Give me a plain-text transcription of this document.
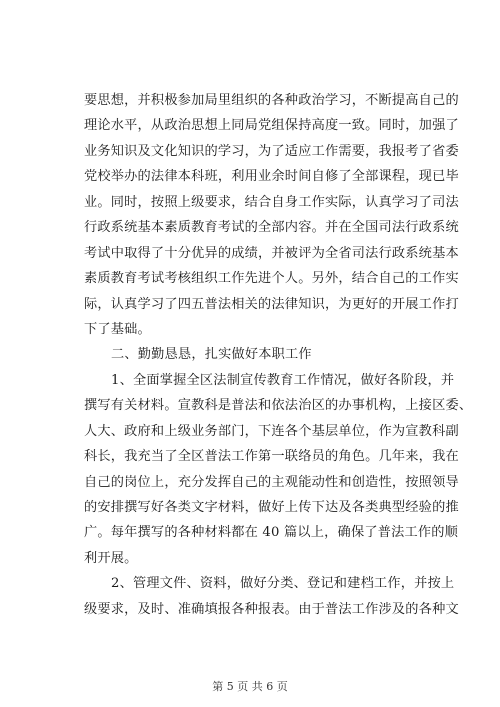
要思想，并积极参加局里组织的各种政治学习，不断提高自己的
理论水平，从政治思想上同局党组保持高度一致。同时，加强了
业务知识及文化知识的学习，为了适应工作需要，我报考了省委
党校举办的法律本科班，利用业余时间自修了全部课程，现已毕
业。同时，按照上级要求，结合自身工作实际，认真学习了司法
行政系统基本素质教育考试的全部内容。并在全国司法行政系统
考试中取得了十分优异的成绩，并被评为全省司法行政系统基本
素质教育考试考核组织工作先进个人。另外，结合自己的工作实
际，认真学习了四五普法相关的法律知识，为更好的开展工作打
下了基础。
二、勤勤恳恳，扎实做好本职工作
1、全面掌握全区法制宣传教育工作情况，做好各阶段，并
撰写有关材料。宣教科是普法和依法治区的办事机构，上接区委、
人大、政府和上级业务部门，下连各个基层单位，作为宣教科副
科长，我充当了全区普法工作第一联络员的角色。几年来，我在
自己的岗位上，充分发挥自己的主观能动性和创造性，按照领导
的安排撰写好各类文字材料，做好上传下达及各类典型经验的推
广。每年撰写的各种材料都在 40 篇以上，确保了普法工作的顺
利开展。
2、管理文件、资料，做好分类、登记和建档工作，并按上
级要求，及时、准确填报各种报表。由于普法工作涉及的各种文
第 5 页 共 6 页
